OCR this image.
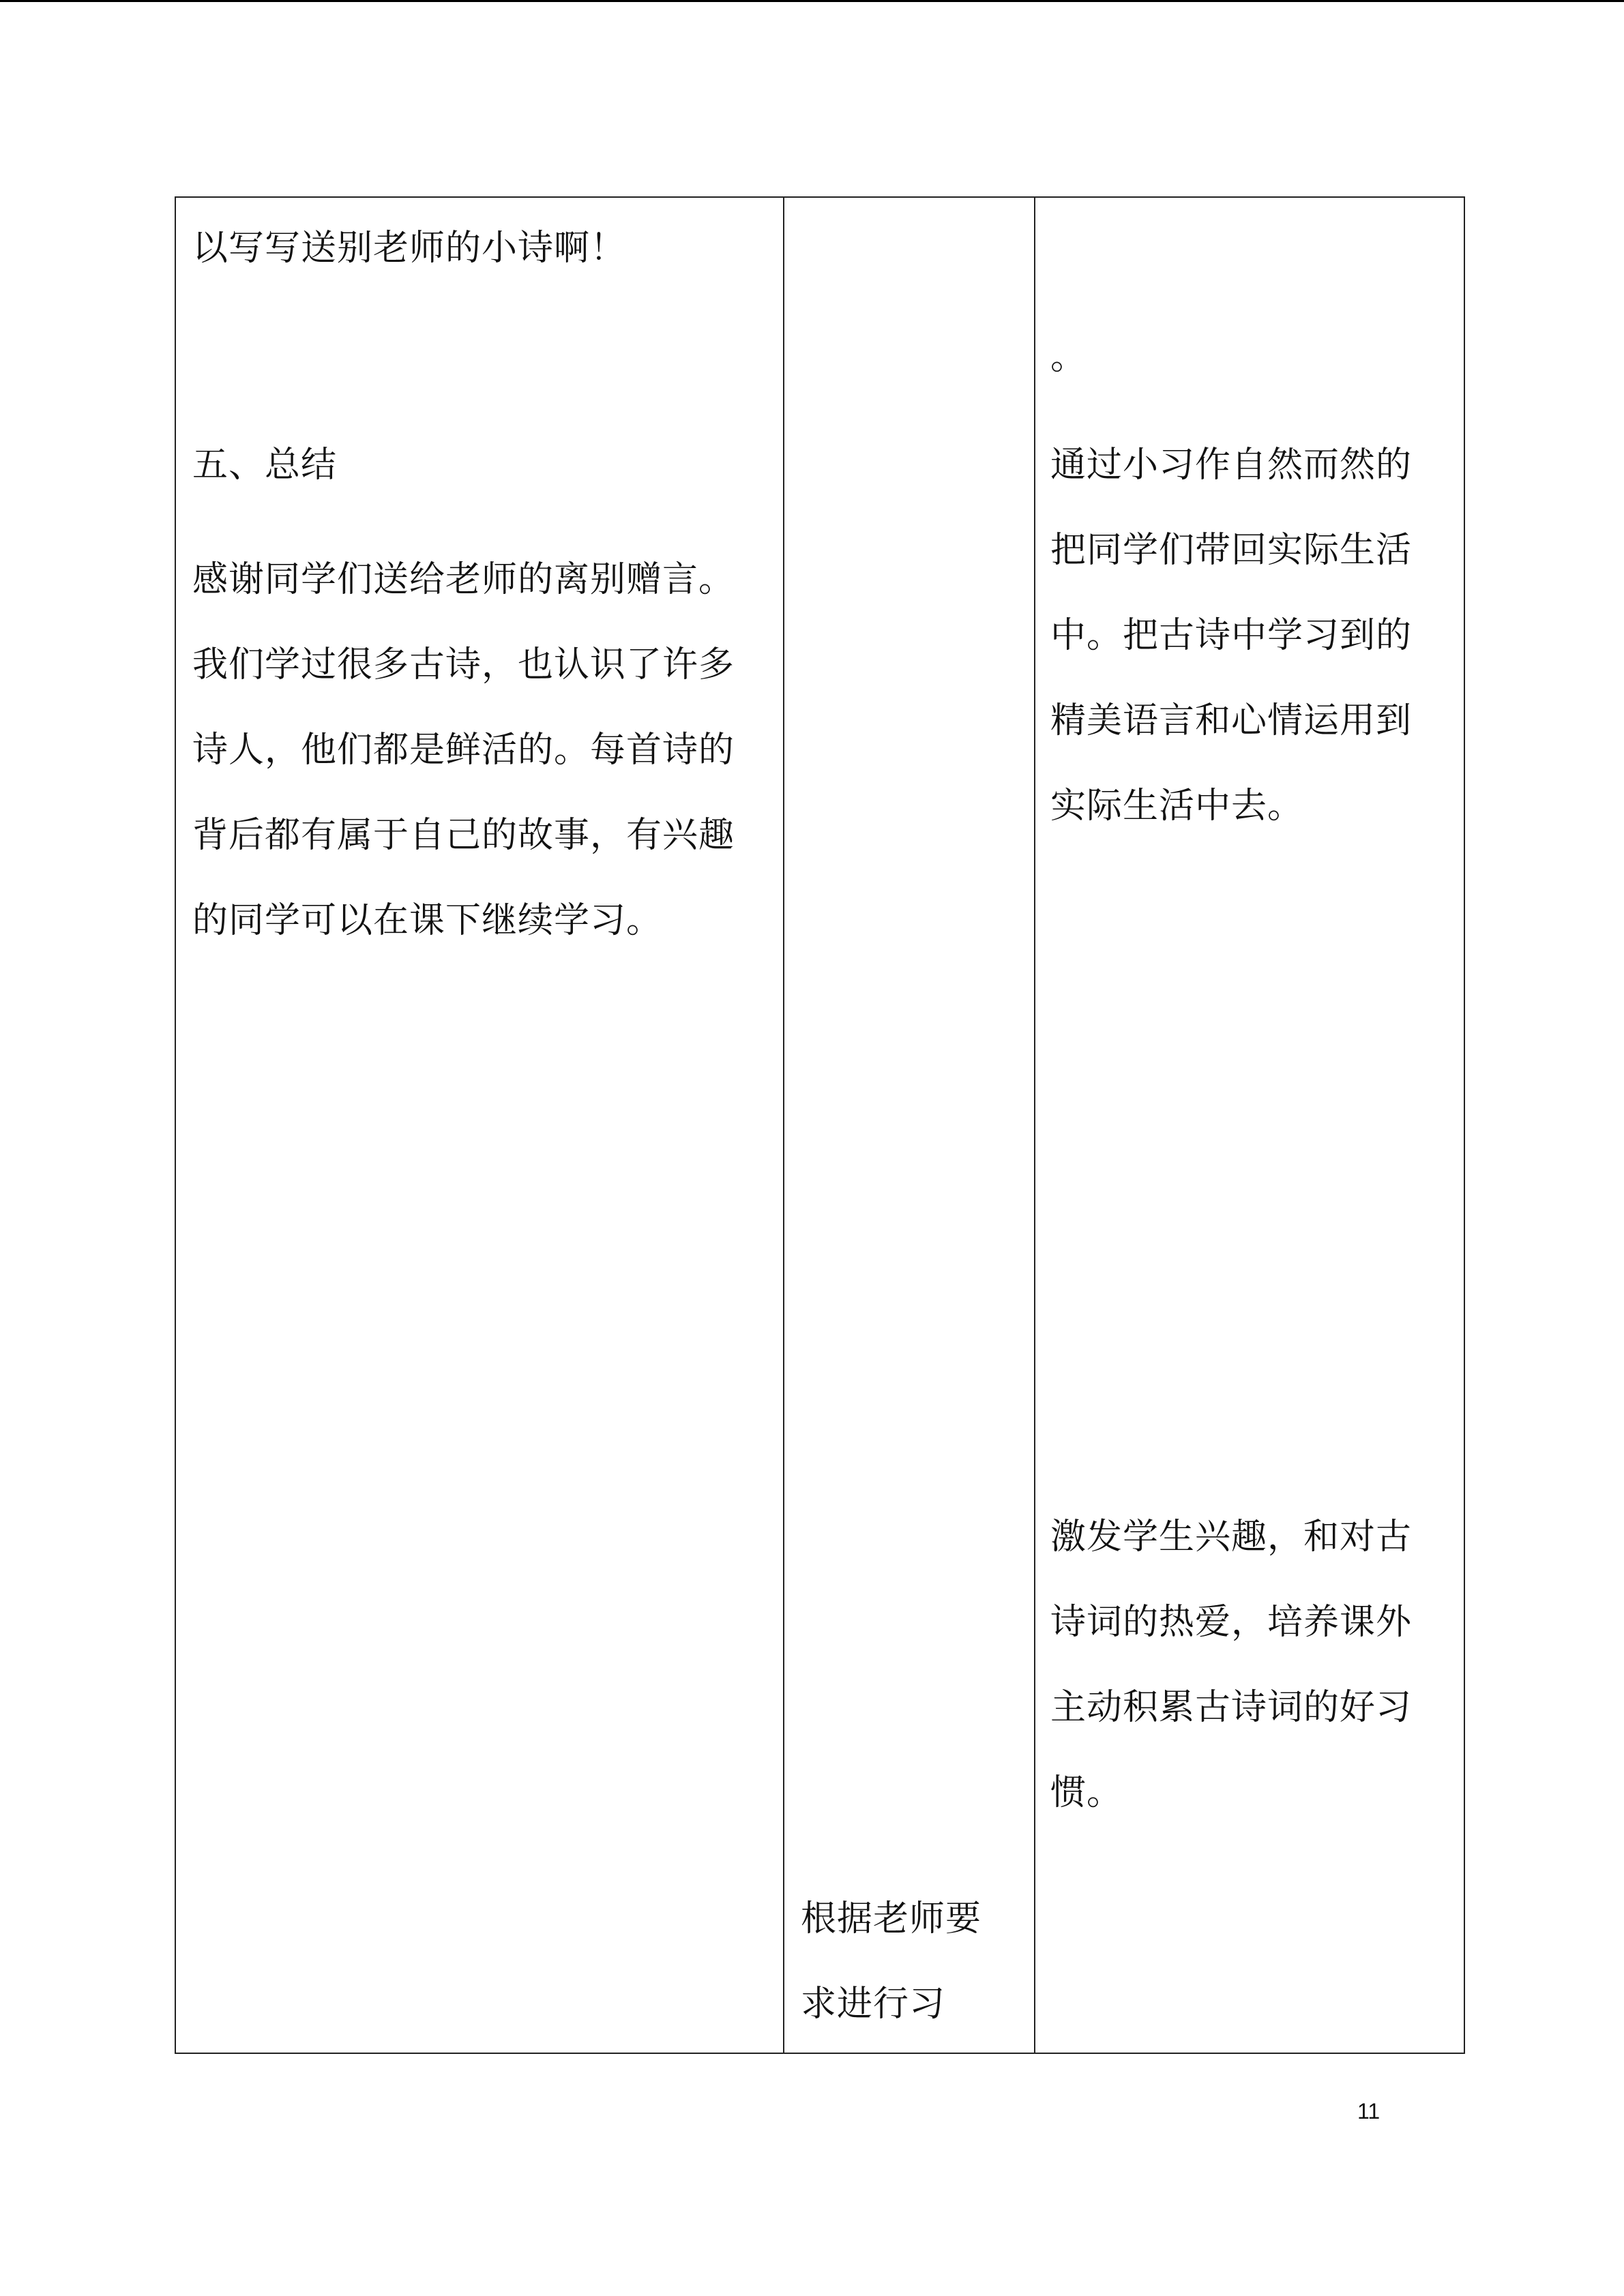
以写写送别老师的小诗啊！

五、总结

感谢同学们送给老师的离别赠言。
我们学过很多古诗，也认识了许多
诗人，他们都是鲜活的。每首诗的
背后都有属于自己的故事，有兴趣
的同学可以在课下继续学习。

根据老师要
求进行习

。

通过小习作自然而然的
把同学们带回实际生活
中。把古诗中学习到的
精美语言和心情运用到
实际生活中去。

激发学生兴趣，和对古
诗词的热爱，培养课外
主动积累古诗词的好习
惯。

11
